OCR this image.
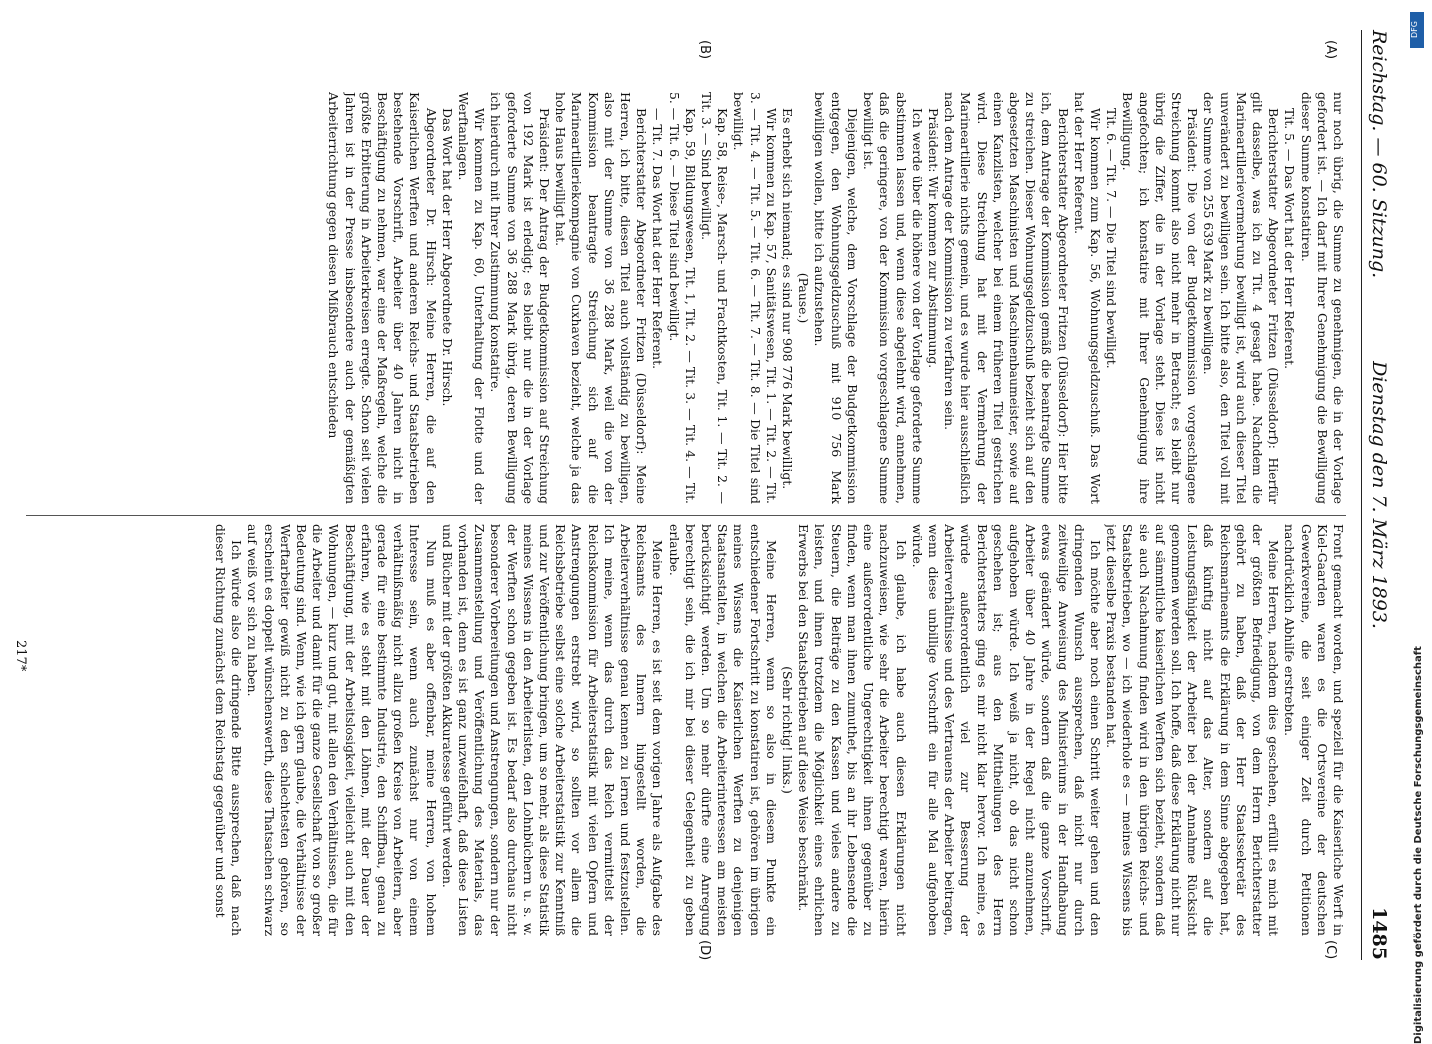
Reichstag. — 60. Sitzung.
Dienstag den 7. März 1893.
1485
(A)
(B)
(C)
(D)

nur noch übrig, die Summe zu genehmigen, die in der Vorlage gefordert ist. — Ich darf mit Ihrer Genehmigung die Bewilligung dieser Summe konstatiren.

Tit. 5. — Das Wort hat der Herr Referent.

Berichterstatter Abgeordneter Fritzen (Düsseldorf): Hierfür gilt dasselbe, was ich zu Tit. 4 gesagt habe. Nachdem die Marineartillerievermehrung bewilligt ist, wird auch dieser Titel unverändert zu bewilligen sein. Ich bitte also, den Titel voll mit der Summe von 255 639 Mark zu bewilligen.

Präsident: Die von der Budgetkommission vorgeschlagene Streichung kommt also nicht mehr in Betracht; es bleibt nur übrig die Ziffer, die in der Vorlage steht. Diese ist nicht angefochten; ich konstatire mit Ihrer Genehmigung ihre Bewilligung.

Tit. 6. — Tit. 7. — Die Titel sind bewilligt.

Wir kommen zum Kap. 56, Wohnungsgeldzuschuß. Das Wort hat der Herr Referent.

Berichterstatter Abgeordneter Fritzen (Düsseldorf): Hier bitte ich, dem Antrage der Kommission gemäß die beantragte Summe zu streichen. Dieser Wohnungsgeldzuschuß bezieht sich auf den abgesetzten Maschinisten und Maschinenbaumeister, sowie auf einen Kanzlisten, welcher bei einem früheren Titel gestrichen wird. Diese Streichung hat mit der Vermehrung der Marineartillerie nichts gemein, und es wurde hier ausschließlich nach dem Antrage der Kommission zu verfahren sein.

Präsident: Wir kommen zur Abstimmung.

Ich werde über die höhere von der Vorlage geforderte Summe abstimmen lassen und, wenn diese abgelehnt wird, annehmen, daß die geringere, von der Kommission vorgeschlagene Summe bewilligt ist.

Diejenigen, welche, dem Vorschlage der Budgetkommission entgegen, den Wohnungsgeldzuschuß mit 910 756 Mark bewilligen wollen, bitte ich aufzustehen.

(Pause.)

Es erhebt sich niemand; es sind nur 908 776 Mark bewilligt.

Wir kommen zu Kap. 57, Sanitätswesen, Tit. 1. — Tit. 2. — Tit. 3. — Tit. 4. — Tit. 5. — Tit. 6. — Tit. 7. — Tit. 8. — Die Titel sind bewilligt.

Kap. 58, Reise-, Marsch- und Frachtkosten, Tit. 1. — Tit. 2. — Tit. 3. — Sind bewilligt.

Kap. 59, Bildungswesen, Tit. 1, Tit. 2. — Tit. 3. — Tit. 4. — Tit. 5. — Tit. 6. — Diese Titel sind bewilligt.

— Tit. 7. Das Wort hat der Herr Referent.

Berichterstatter Abgeordneter Fritzen (Düsseldorf): Meine Herren, ich bitte, diesen Titel auch vollständig zu bewilligen, also mit der Summe von 36 288 Mark, weil die von der Kommission beantragte Streichung sich auf die Marineartilleriekompagnie von Cuxhaven bezieht, welche ja das hohe Haus bewilligt hat.

Präsident: Der Antrag der Budgetkommission auf Streichung von 192 Mark ist erledigt; es bleibt nur die in der Vorlage geforderte Summe von 36 288 Mark übrig, deren Bewilligung ich hierdurch mit Ihrer Zustimmung konstatire.

Wir kommen zu Kap. 60, Unterhaltung der Flotte und der Werftanlagen.

Das Wort hat der Herr Abgeordnete Dr. Hirsch.

Abgeordneter Dr. Hirsch: Meine Herren, die auf den Kaiserlichen Werften und anderen Reichs- und Staatsbetrieben bestehende Vorschrift, Arbeiter über 40 Jahren nicht in Beschäftigung zu nehmen, war eine der Maßregeln, welche die größte Erbitterung in Arbeiterkreisen erregte. Schon seit vielen Jahren ist in der Presse insbesondere auch der gemäßigten Arbeiterrichtung gegen diesen Mißbrauch entschieden

Front gemacht worden, und speziell für die Kaiserliche Werft in Kiel-Gaarden waren es die Ortsvereine der deutschen Gewerkvereine, die seit einiger Zeit durch Petitionen nachdrücklich Abhilfe erstrebten.

Meine Herren, nachdem dies geschehen, erfüllt es mich mit der größten Befriedigung, von dem Herrn Berichterstatter gehört zu haben, daß der Herr Staatssekretär des Reichsmarineamts die Erklärung in dem Sinne abgegeben hat, daß künftig nicht auf das Alter, sondern auf die Leistungsfähigkeit der Arbeiter bei der Annahme Rücksicht genommen werden soll. Ich hoffe, daß diese Erklärung nicht nur auf sämmtliche kaiserlichen Werften sich bezieht, sondern daß sie auch Nachahmung finden wird in den übrigen Reichs- und Staatsbetrieben, wo — ich wiederhole es — meines Wissens bis jetzt dieselbe Praxis bestanden hat.

Ich möchte aber noch einen Schritt weiter gehen und den dringenden Wunsch aussprechen, daß nicht nur durch zeitweilige Anweisung des Ministeriums in der Handhabung etwas geändert würde, sondern daß die ganze Vorschrift, Arbeiter über 40 Jahre in der Regel nicht anzunehmen, aufgehoben würde. Ich weiß ja nicht, ob das nicht schon geschehen ist; aus den Mittheilungen des Herrn Berichterstatters ging es mir nicht klar hervor. Ich meine, es würde außerordentlich viel zur Besserung der Arbeiterverhältnisse und des Vertrauens der Arbeiter beitragen, wenn diese unbillige Vorschrift ein für alle Mal aufgehoben würde.

Ich glaube, ich habe auch diesen Erklärungen nicht nachzuweisen, wie sehr die Arbeiter berechtigt waren, hierin eine außerordentliche Ungerechtigkeit ihnen gegenüber zu finden, wenn man ihnen zumuthet, bis an ihr Lebensende die Steuern, die Beiträge zu den Kassen und vieles andere zu leisten, und ihnen trotzdem die Möglichkeit eines ehrlichen Erwerbs bei den Staatsbetrieben auf diese Weise beschränkt.

(Sehr richtig! links.)

Meine Herren, wenn so also in diesem Punkte ein entschiedener Fortschritt zu konstatiren ist, gehören im übrigen meines Wissens die Kaiserlichen Werften zu denjenigen Staatsanstalten, in welchen die Arbeiterinteressen am meisten berücksichtigt werden. Um so mehr dürfte eine Anregung berechtigt sein, die ich mir bei dieser Gelegenheit zu geben erlaube.

Meine Herren, es ist seit dem vorigen Jahre als Aufgabe des Reichsamts des Innern hingestellt worden, die Arbeiterverhältnisse genau kennen zu lernen und festzustellen. Ich meine, wenn das durch das Reich vermittelst der Reichskommission für Arbeiterstatistik mit vielen Opfern und Anstrengungen erstrebt wird, so sollten vor allem die Reichsbetriebe selbst eine solche Arbeiterstatistik zur Kenntniß und zur Veröffentlichung bringen, um so mehr, als diese Statistik meines Wissens in den Arbeiterlisten, den Lohnbüchern u. s. w. der Werften schon gegeben ist. Es bedarf also durchaus nicht besonderer Vorbereitungen und Anstrengungen, sondern nur der Zusammenstellung und Veröffentlichung des Materials, das vorhanden ist, denn es ist ganz unzweifelhaft, daß diese Listen und Bücher mit der größten Akkuratesse geführt werden.

Nun muß es aber offenbar, meine Herren, von hohem Interesse sein, wenn auch zunächst nur von einem verhältnißmäßig nicht allzu großen Kreise von Arbeitern, aber gerade für eine bestimmte Industrie, den Schiffbau, genau zu erfahren, wie es steht mit den Löhnen, mit der Dauer der Beschäftigung, mit der Arbeitslosigkeit, vielleicht auch mit den Wohnungen, — kurz und gut, mit allen den Verhältnissen, die für die Arbeiter und damit für die ganze Gesellschaft von so großer Bedeutung sind. Wenn, wie ich gern glaube, die Verhältnisse der Werftarbeiter gewiß nicht zu den schlechtesten gehören, so erscheint es doppelt wünschenswerth, diese Thatsachen schwarz auf weiß vor sich zu haben.

Ich würde also die dringende Bitte aussprechen, daß nach dieser Richtung zunächst dem Reichstag gegenüber und sonst

217*
DFG
Digitalisierung gefördert durch die Deutsche Forschungsgemeinschaft
